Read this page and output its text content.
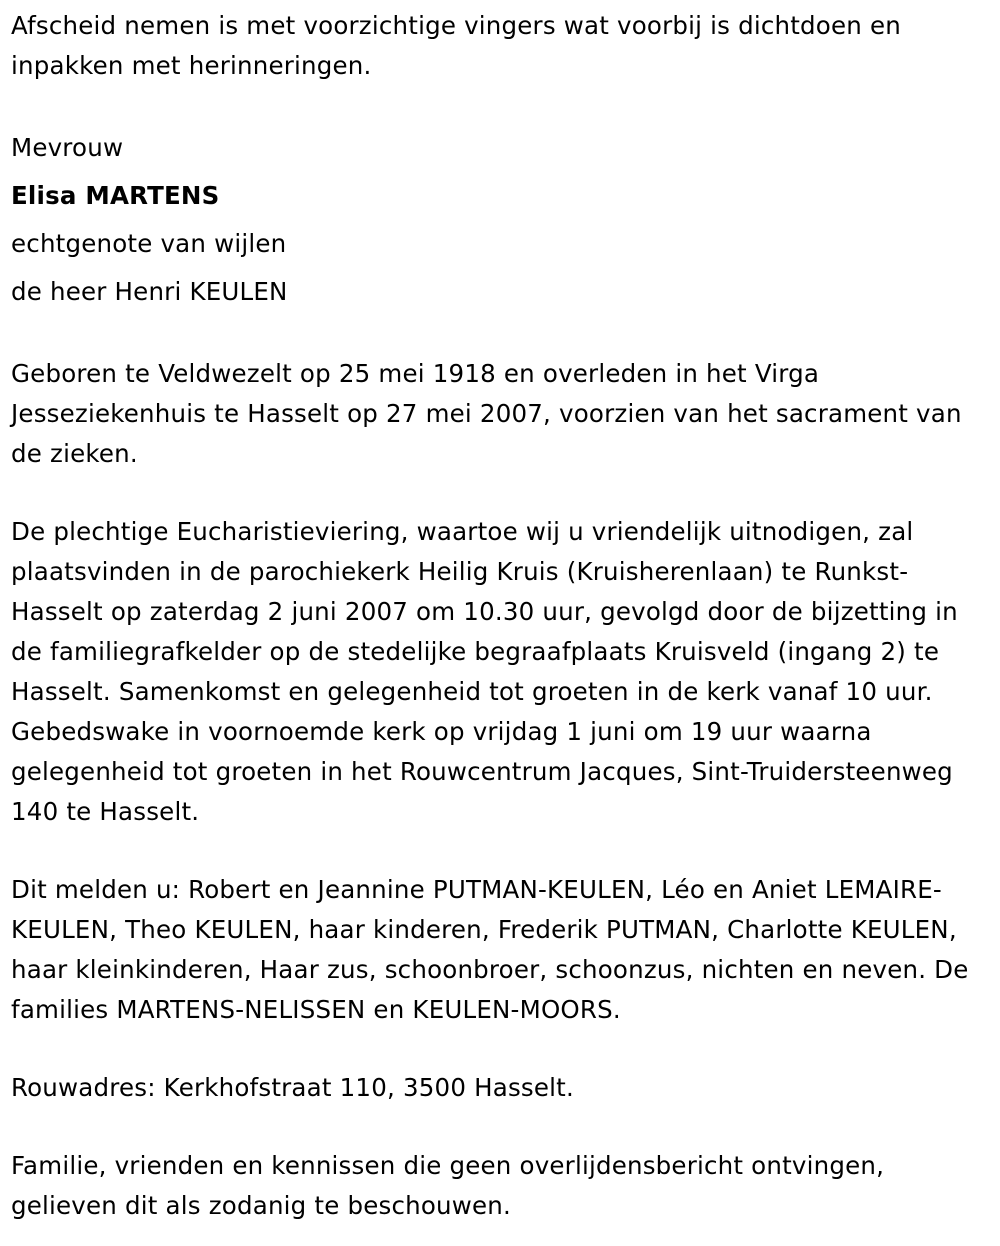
Afscheid nemen is met voorzichtige vingers wat voorbij is dichtdoen en inpakken met herinneringen.

Mevrouw

Elisa MARTENS

echtgenote van wijlen

de heer Henri KEULEN

Geboren te Veldwezelt op 25 mei 1918 en overleden in het Virga Jesseziekenhuis te Hasselt op 27 mei 2007, voorzien van het sacrament van de zieken.

De plechtige Eucharistieviering, waartoe wij u vriendelijk uitnodigen, zal plaatsvinden in de parochiekerk Heilig Kruis (Kruisherenlaan) te Runkst-Hasselt op zaterdag 2 juni 2007 om 10.30 uur, gevolgd door de bijzetting in de familiegrafkelder op de stedelijke begraafplaats Kruisveld (ingang 2) te Hasselt. Samenkomst en gelegenheid tot groeten in de kerk vanaf 10 uur. Gebedswake in voornoemde kerk op vrijdag 1 juni om 19 uur waarna gelegenheid tot groeten in het Rouwcentrum Jacques, Sint-Truidersteenweg 140 te Hasselt.

Dit melden u: Robert en Jeannine PUTMAN-KEULEN, Léo en Aniet LEMAIRE-KEULEN, Theo KEULEN, haar kinderen, Frederik PUTMAN, Charlotte KEULEN, haar kleinkinderen, Haar zus, schoonbroer, schoonzus, nichten en neven. De families MARTENS-NELISSEN en KEULEN-MOORS.

Rouwadres: Kerkhofstraat 110, 3500 Hasselt.

Familie, vrienden en kennissen die geen overlijdensbericht ontvingen, gelieven dit als zodanig te beschouwen.
